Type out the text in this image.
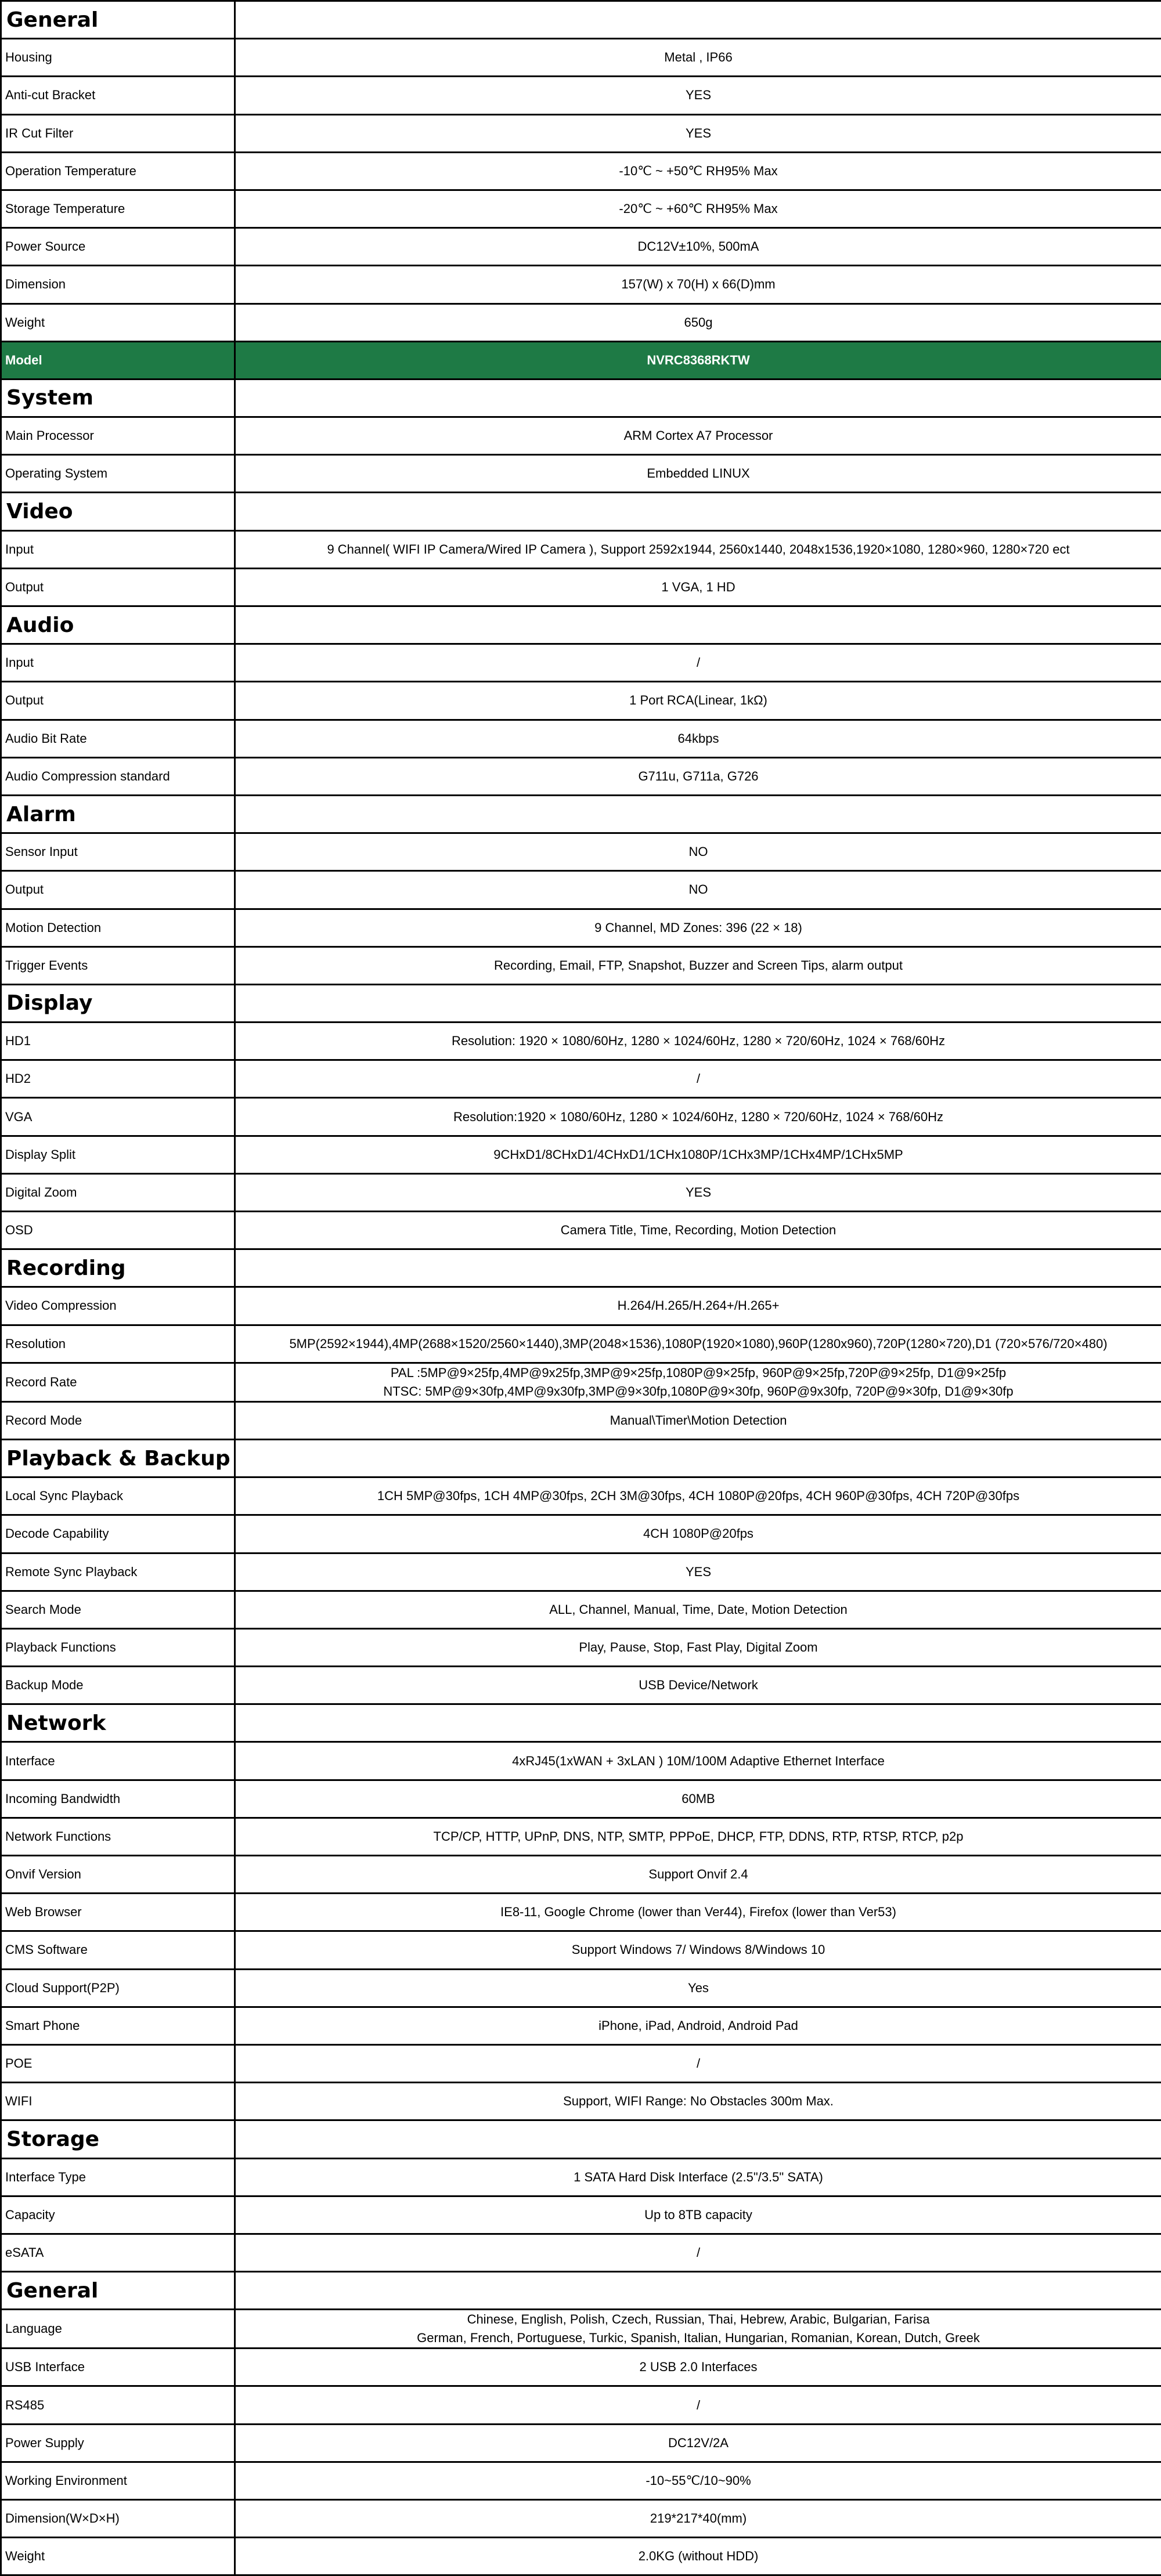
General	
Housing	Metal , IP66
Anti-cut Bracket	YES
IR Cut Filter	YES
Operation Temperature	-10℃ ~ +50℃ RH95% Max
Storage Temperature	-20℃ ~ +60℃ RH95% Max
Power Source	DC12V±10%, 500mA
Dimension	157(W) x 70(H) x 66(D)mm
Weight	650g
Model	NVRC8368RKTW
System	
Main Processor	ARM Cortex A7 Processor
Operating System	Embedded LINUX
Video	
Input	9 Channel( WIFI IP Camera/Wired IP Camera ), Support 2592x1944, 2560x1440, 2048x1536,1920×1080, 1280×960, 1280×720 ect
Output	1 VGA, 1 HD
Audio	
Input	/
Output	1 Port RCA(Linear, 1kΩ)
Audio Bit Rate	64kbps
Audio Compression standard	G711u, G711a, G726
Alarm	
Sensor Input	NO
Output	NO
Motion Detection	9 Channel, MD Zones: 396 (22 × 18)
Trigger Events	Recording, Email, FTP, Snapshot, Buzzer and Screen Tips, alarm output
Display	
HD1	Resolution: 1920 × 1080/60Hz, 1280 × 1024/60Hz, 1280 × 720/60Hz, 1024 × 768/60Hz
HD2	/
VGA	Resolution:1920 × 1080/60Hz, 1280 × 1024/60Hz, 1280 × 720/60Hz, 1024 × 768/60Hz
Display Split	9CHxD1/8CHxD1/4CHxD1/1CHx1080P/1CHx3MP/1CHx4MP/1CHx5MP
Digital Zoom	YES
OSD	Camera Title, Time, Recording, Motion Detection
Recording	
Video Compression	H.264/H.265/H.264+/H.265+
Resolution	5MP(2592×1944),4MP(2688×1520/2560×1440),3MP(2048×1536),1080P(1920×1080),960P(1280x960),720P(1280×720),D1 (720×576/720×480)
Record Rate	PAL :5MP@9×25fp,4MP@9x25fp,3MP@9×25fp,1080P@9×25fp, 960P@9×25fp,720P@9×25fp, D1@9×25fp
NTSC: 5MP@9×30fp,4MP@9x30fp,3MP@9×30fp,1080P@9×30fp, 960P@9x30fp, 720P@9×30fp, D1@9×30fp

Record Mode	Manual\Timer\Motion Detection
Playback & Backup	
Local Sync Playback	1CH 5MP@30fps, 1CH 4MP@30fps, 2CH 3M@30fps, 4CH 1080P@20fps, 4CH 960P@30fps, 4CH 720P@30fps
Decode Capability	4CH 1080P@20fps
Remote Sync Playback	YES
Search Mode	ALL, Channel, Manual, Time, Date, Motion Detection
Playback Functions	Play, Pause, Stop, Fast Play, Digital Zoom
Backup Mode	USB Device/Network
Network	
Interface	4xRJ45(1xWAN + 3xLAN ) 10M/100M Adaptive Ethernet Interface
Incoming Bandwidth	60MB
Network Functions	TCP/CP, HTTP, UPnP, DNS, NTP, SMTP, PPPoE, DHCP, FTP, DDNS, RTP, RTSP, RTCP, p2p
Onvif Version	Support Onvif 2.4
Web Browser	IE8-11, Google Chrome (lower than Ver44), Firefox (lower than Ver53)
CMS Software	Support Windows 7/ Windows 8/Windows 10
Cloud Support(P2P)	Yes
Smart Phone	iPhone, iPad, Android, Android Pad
POE	/
WIFI	Support, WIFI Range: No Obstacles 300m Max.
Storage	
Interface Type	1 SATA Hard Disk Interface (2.5"/3.5" SATA)
Capacity	Up to 8TB capacity
eSATA	/
General	
Language	Chinese, English, Polish, Czech, Russian, Thai, Hebrew, Arabic, Bulgarian, Farisa
German, French, Portuguese, Turkic, Spanish, Italian, Hungarian, Romanian, Korean, Dutch, Greek

USB Interface	2 USB 2.0 Interfaces
RS485	/
Power Supply	DC12V/2A
Working Environment	-10~55℃/10~90%
Dimension(W×D×H)	219*217*40(mm)
Weight	2.0KG (without HDD)
